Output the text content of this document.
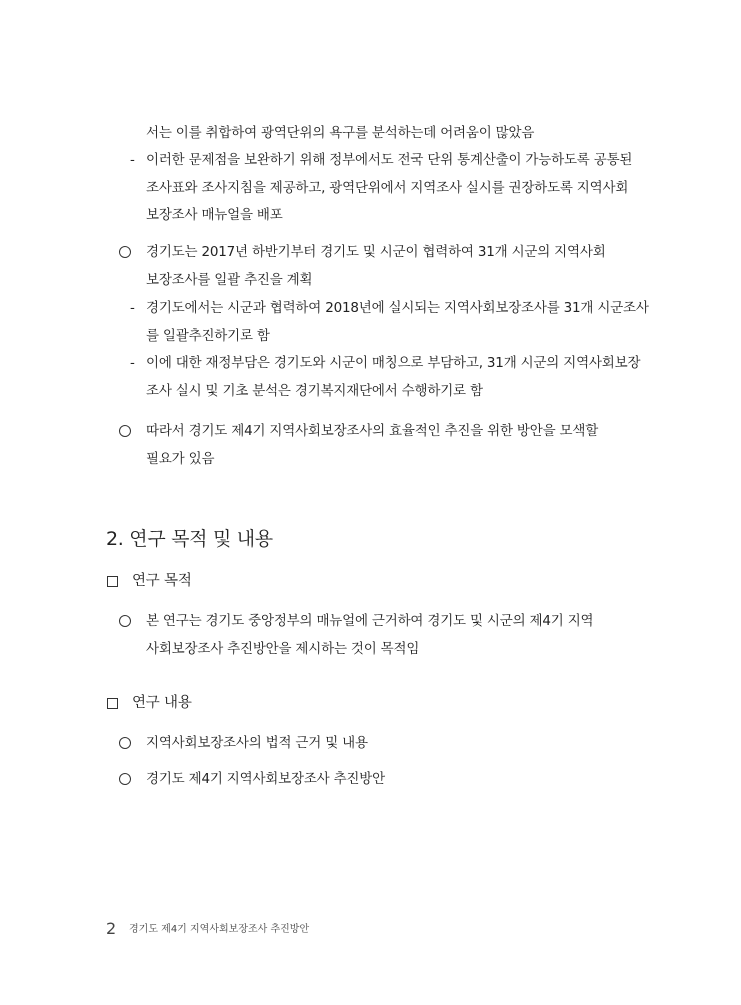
서는 이를 취합하여 광역단위의 욕구를 분석하는데 어려움이 많았음
- 이러한 문제점을 보완하기 위해 정부에서도 전국 단위 통계산출이 가능하도록 공통된
조사표와 조사지침을 제공하고, 광역단위에서 지역조사 실시를 권장하도록 지역사회
보장조사 매뉴얼을 배포
경기도는 2017년 하반기부터 경기도 및 시군이 협력하여 31개 시군의 지역사회
보장조사를 일괄 추진을 계획
- 경기도에서는 시군과 협력하여 2018년에 실시되는 지역사회보장조사를 31개 시군조사
를 일괄추진하기로 함
- 이에 대한 재정부담은 경기도와 시군이 매칭으로 부담하고, 31개 시군의 지역사회보장
조사 실시 및 기초 분석은 경기복지재단에서 수행하기로 함
따라서 경기도 제4기 지역사회보장조사의 효율적인 추진을 위한 방안을 모색할
필요가 있음
2. 연구 목적 및 내용
연구 목적
본 연구는 경기도 중앙정부의 매뉴얼에 근거하여 경기도 및 시군의 제4기 지역
사회보장조사 추진방안을 제시하는 것이 목적임
연구 내용
지역사회보장조사의 법적 근거 및 내용
경기도 제4기 지역사회보장조사 추진방안
2 경기도 제4기 지역사회보장조사 추진방안
